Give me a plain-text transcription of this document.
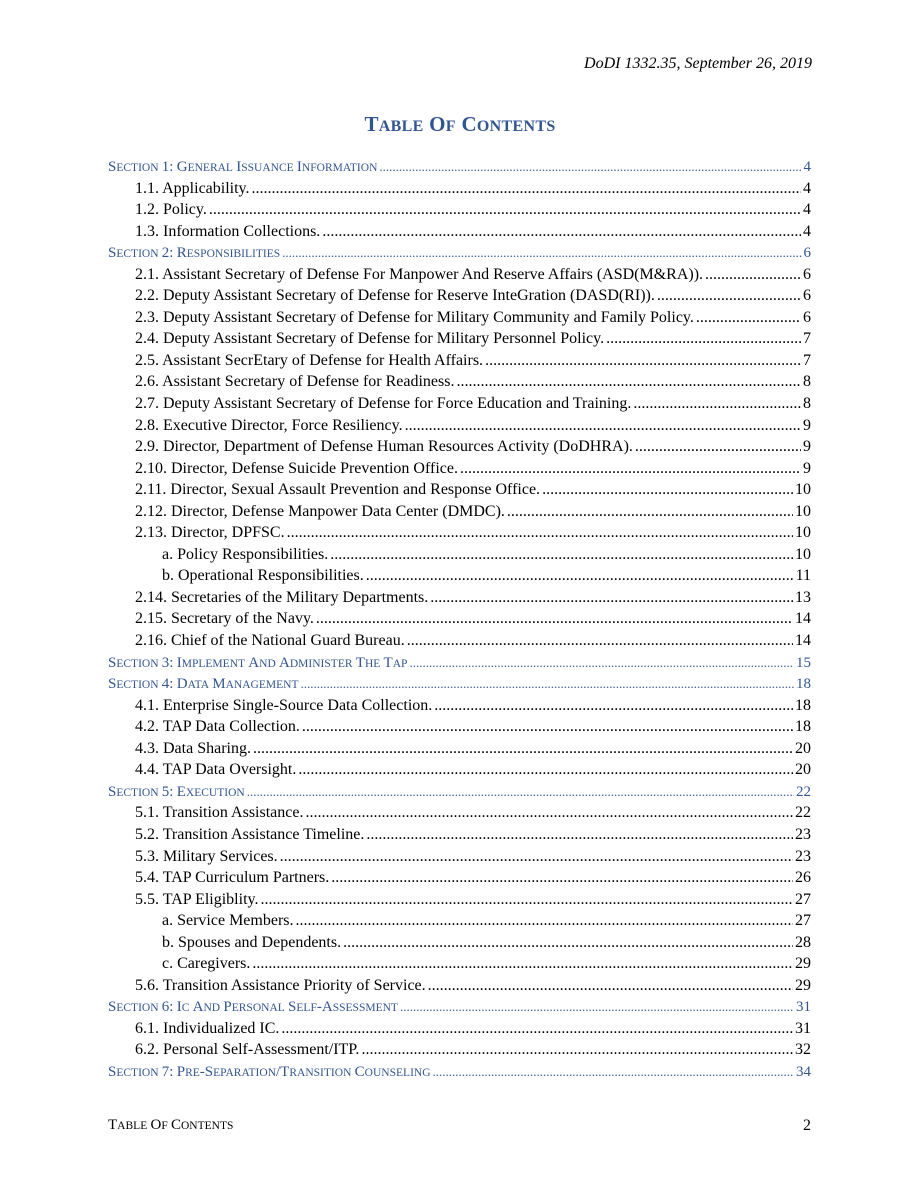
DoDI 1332.35, September 26, 2019
TABLE OF CONTENTS
SECTION 1: GENERAL ISSUANCE INFORMATION .....	4
1.1. Applicability. .....	4
1.2. Policy. .....	4
1.3. Information Collections. .....	4
SECTION 2: RESPONSIBILITIES .....	6
2.1. Assistant Secretary of Defense For Manpower And Reserve Affairs (ASD(M&RA)). .....	6
2.2. Deputy Assistant Secretary of Defense for Reserve InteGration (DASD(RI)). .....	6
2.3. Deputy Assistant Secretary of Defense for Military Community and Family Policy. .....	6
2.4. Deputy Assistant Secretary of Defense for Military Personnel Policy. .....	7
2.5. Assistant SecrEtary of Defense for Health Affairs. .....	7
2.6. Assistant Secretary of Defense for Readiness. .....	8
2.7. Deputy Assistant Secretary of Defense for Force Education and Training. .....	8
2.8. Executive Director, Force Resiliency. .....	9
2.9. Director, Department of Defense Human Resources Activity (DoDHRA). .....	9
2.10. Director, Defense Suicide Prevention Office. .....	9
2.11. Director, Sexual Assault Prevention and Response Office. .....	10
2.12. Director, Defense Manpower Data Center (DMDC). .....	10
2.13. Director, DPFSC. .....	10
a. Policy Responsibilities. .....	10
b. Operational Responsibilities. .....	11
2.14. Secretaries of the Military Departments. .....	13
2.15. Secretary of the Navy. .....	14
2.16. Chief of the National Guard Bureau. .....	14
SECTION 3: IMPLEMENT AND ADMINISTER THE TAP .....	15
SECTION 4: DATA MANAGEMENT .....	18
4.1. Enterprise Single-Source Data Collection. .....	18
4.2. TAP Data Collection. .....	18
4.3. Data Sharing. .....	20
4.4. TAP Data Oversight. .....	20
SECTION 5: EXECUTION .....	22
5.1. Transition Assistance. .....	22
5.2. Transition Assistance Timeline. .....	23
5.3. Military Services. .....	23
5.4. TAP Curriculum Partners. .....	26
5.5. TAP Eligiblity. .....	27
a. Service Members. .....	27
b. Spouses and Dependents. .....	28
c. Caregivers. .....	29
5.6. Transition Assistance Priority of Service. .....	29
SECTION 6: IC AND PERSONAL SELF-ASSESSMENT .....	31
6.1. Individualized IC. .....	31
6.2. Personal Self-Assessment/ITP. .....	32
SECTION 7: PRE-SEPARATION/TRANSITION COUNSELING .....	34
TABLE OF CONTENTS	2
